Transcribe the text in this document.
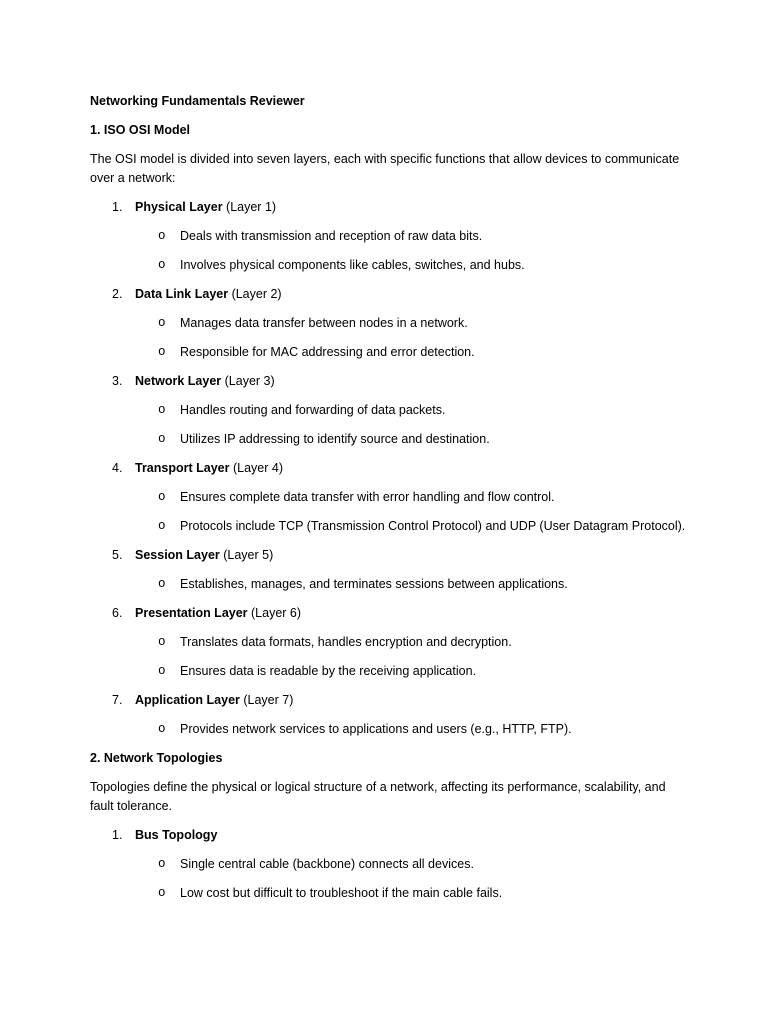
Networking Fundamentals Reviewer

1. ISO OSI Model

The OSI model is divided into seven layers, each with specific functions that allow devices to communicate over a network:

1.	Physical Layer (Layer 1)
o Deals with transmission and reception of raw data bits.
o Involves physical components like cables, switches, and hubs.
2.	Data Link Layer (Layer 2)
o Manages data transfer between nodes in a network.
o Responsible for MAC addressing and error detection.
3.	Network Layer (Layer 3)
o Handles routing and forwarding of data packets.
o Utilizes IP addressing to identify source and destination.
4.	Transport Layer (Layer 4)
o Ensures complete data transfer with error handling and flow control.
o Protocols include TCP (Transmission Control Protocol) and UDP (User Datagram Protocol).
5.	Session Layer (Layer 5)
o Establishes, manages, and terminates sessions between applications.
6.	Presentation Layer (Layer 6)
o Translates data formats, handles encryption and decryption.
o Ensures data is readable by the receiving application.
7.	Application Layer (Layer 7)
o Provides network services to applications and users (e.g., HTTP, FTP).

2. Network Topologies

Topologies define the physical or logical structure of a network, affecting its performance, scalability, and fault tolerance.

1.	Bus Topology
o Single central cable (backbone) connects all devices.
o Low cost but difficult to troubleshoot if the main cable fails.
